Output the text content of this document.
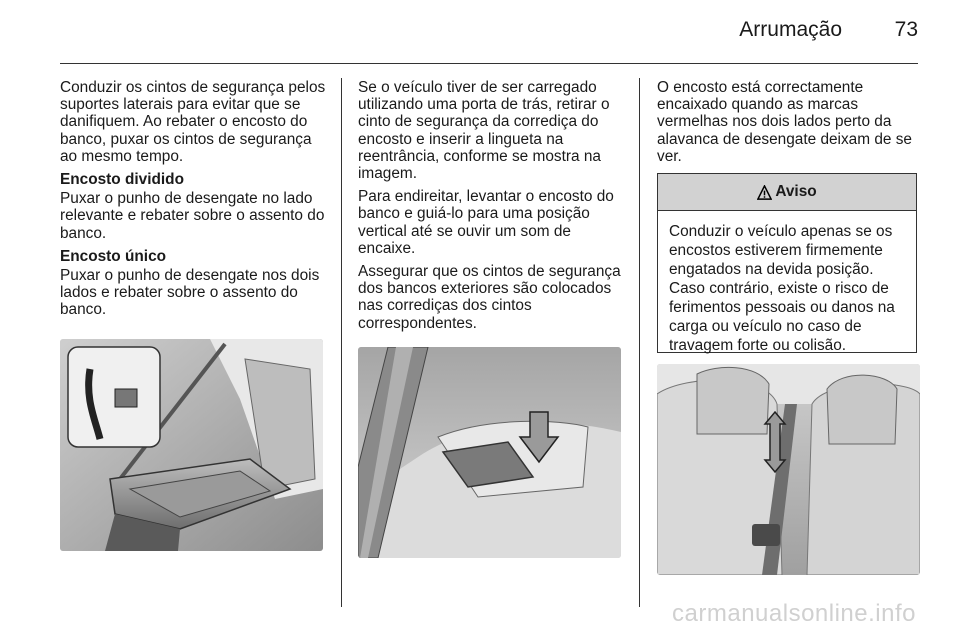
Arrumação	73

Conduzir os cintos de segurança pelos suportes laterais para evitar que se danifiquem. Ao rebater o encosto do banco, puxar os cintos de segurança ao mesmo tempo.

Encosto dividido

Puxar o punho de desengate no lado relevante e rebater sobre o assento do banco.

Encosto único

Puxar o punho de desengate nos dois lados e rebater sobre o assento do banco.

Se o veículo tiver de ser carregado utilizando uma porta de trás, retirar o cinto de segurança da corrediça do encosto e inserir a lingueta na reentrância, conforme se mostra na imagem.

Para endireitar, levantar o encosto do banco e guiá-lo para uma posição vertical até se ouvir um som de encaixe.

Assegurar que os cintos de segurança dos bancos exteriores são colocados nas corrediças dos cintos correspondentes.

O encosto está correctamente encaixado quando as marcas vermelhas nos dois lados perto da alavanca de desengate deixam de se ver.

Aviso
Conduzir o veículo apenas se os encostos estiverem firmemente engatados na devida posição. Caso contrário, existe o risco de ferimentos pessoais ou danos na carga ou veículo no caso de travagem forte ou colisão.
carmanualsonline.info
